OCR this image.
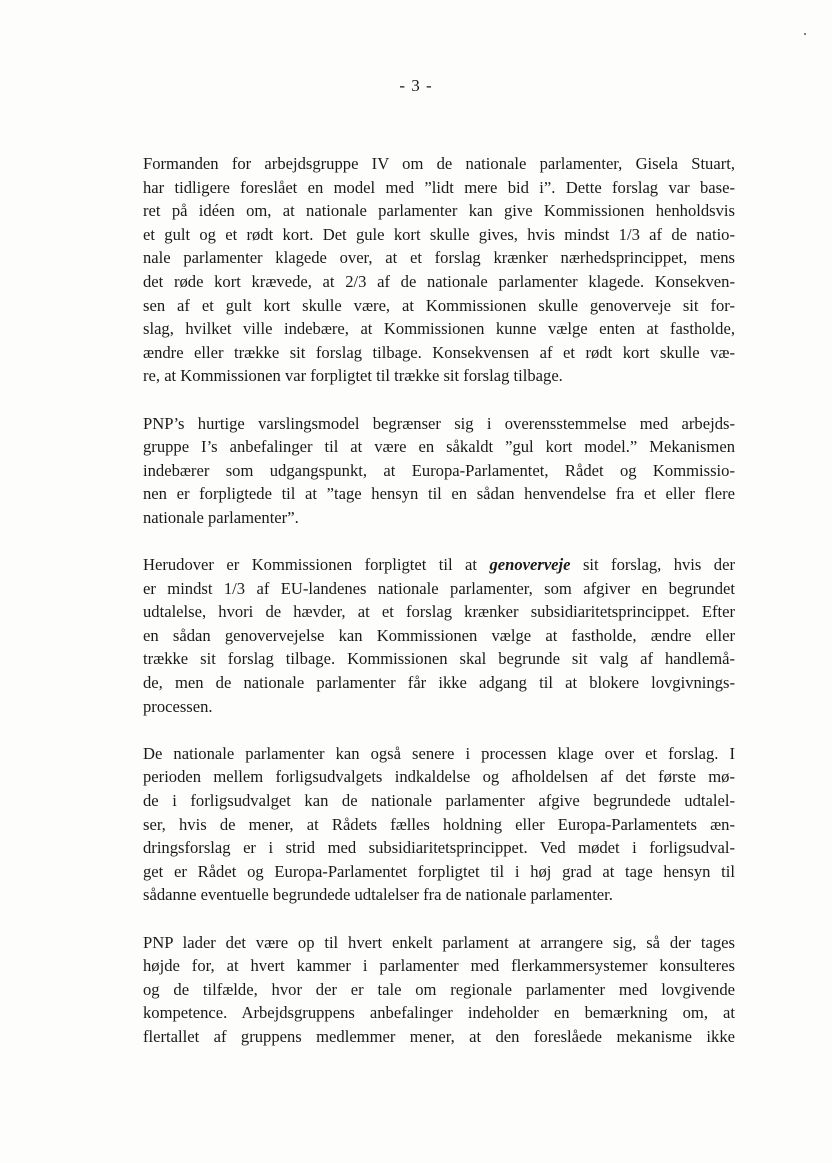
- 3 -

Formanden for arbejdsgruppe IV om de nationale parlamenter, Gisela Stuart,
har tidligere foreslået en model med ”lidt mere bid i”. Dette forslag var base-
ret på idéen om, at nationale parlamenter kan give Kommissionen henholdsvis
et gult og et rødt kort. Det gule kort skulle gives, hvis mindst 1/3 af de natio-
nale parlamenter klagede over, at et forslag krænker nærhedsprincippet, mens
det røde kort krævede, at 2/3 af de nationale parlamenter klagede. Konsekven-
sen af et gult kort skulle være, at Kommissionen skulle genoverveje sit for-
slag, hvilket ville indebære, at Kommissionen kunne vælge enten at fastholde,
ændre eller trække sit forslag tilbage. Konsekvensen af et rødt kort skulle væ-
re, at Kommissionen var forpligtet til trække sit forslag tilbage.

PNP’s hurtige varslingsmodel begrænser sig i overensstemmelse med arbejds-
gruppe I’s anbefalinger til at være en såkaldt ”gul kort model.” Mekanismen
indebærer som udgangspunkt, at Europa-Parlamentet, Rådet og Kommissio-
nen er forpligtede til at ”tage hensyn til en sådan henvendelse fra et eller flere
nationale parlamenter”.

Herudover er Kommissionen forpligtet til at genoverveje sit forslag, hvis der
er mindst 1/3 af EU-landenes nationale parlamenter, som afgiver en begrundet
udtalelse, hvori de hævder, at et forslag krænker subsidiaritetsprincippet. Efter
en sådan genovervejelse kan Kommissionen vælge at fastholde, ændre eller
trække sit forslag tilbage. Kommissionen skal begrunde sit valg af handlemå-
de, men de nationale parlamenter får ikke adgang til at blokere lovgivnings-
processen.

De nationale parlamenter kan også senere i processen klage over et forslag. I
perioden mellem forligsudvalgets indkaldelse og afholdelsen af det første mø-
de i forligsudvalget kan de nationale parlamenter afgive begrundede udtalel-
ser, hvis de mener, at Rådets fælles holdning eller Europa-Parlamentets æn-
dringsforslag er i strid med subsidiaritetsprincippet. Ved mødet i forligsudval-
get er Rådet og Europa-Parlamentet forpligtet til i høj grad at tage hensyn til
sådanne eventuelle begrundede udtalelser fra de nationale parlamenter.

PNP lader det være op til hvert enkelt parlament at arrangere sig, så der tages
højde for, at hvert kammer i parlamenter med flerkammersystemer konsulteres
og de tilfælde, hvor der er tale om regionale parlamenter med lovgivende
kompetence. Arbejdsgruppens anbefalinger indeholder en bemærkning om, at
flertallet af gruppens medlemmer mener, at den foreslåede mekanisme ikke
